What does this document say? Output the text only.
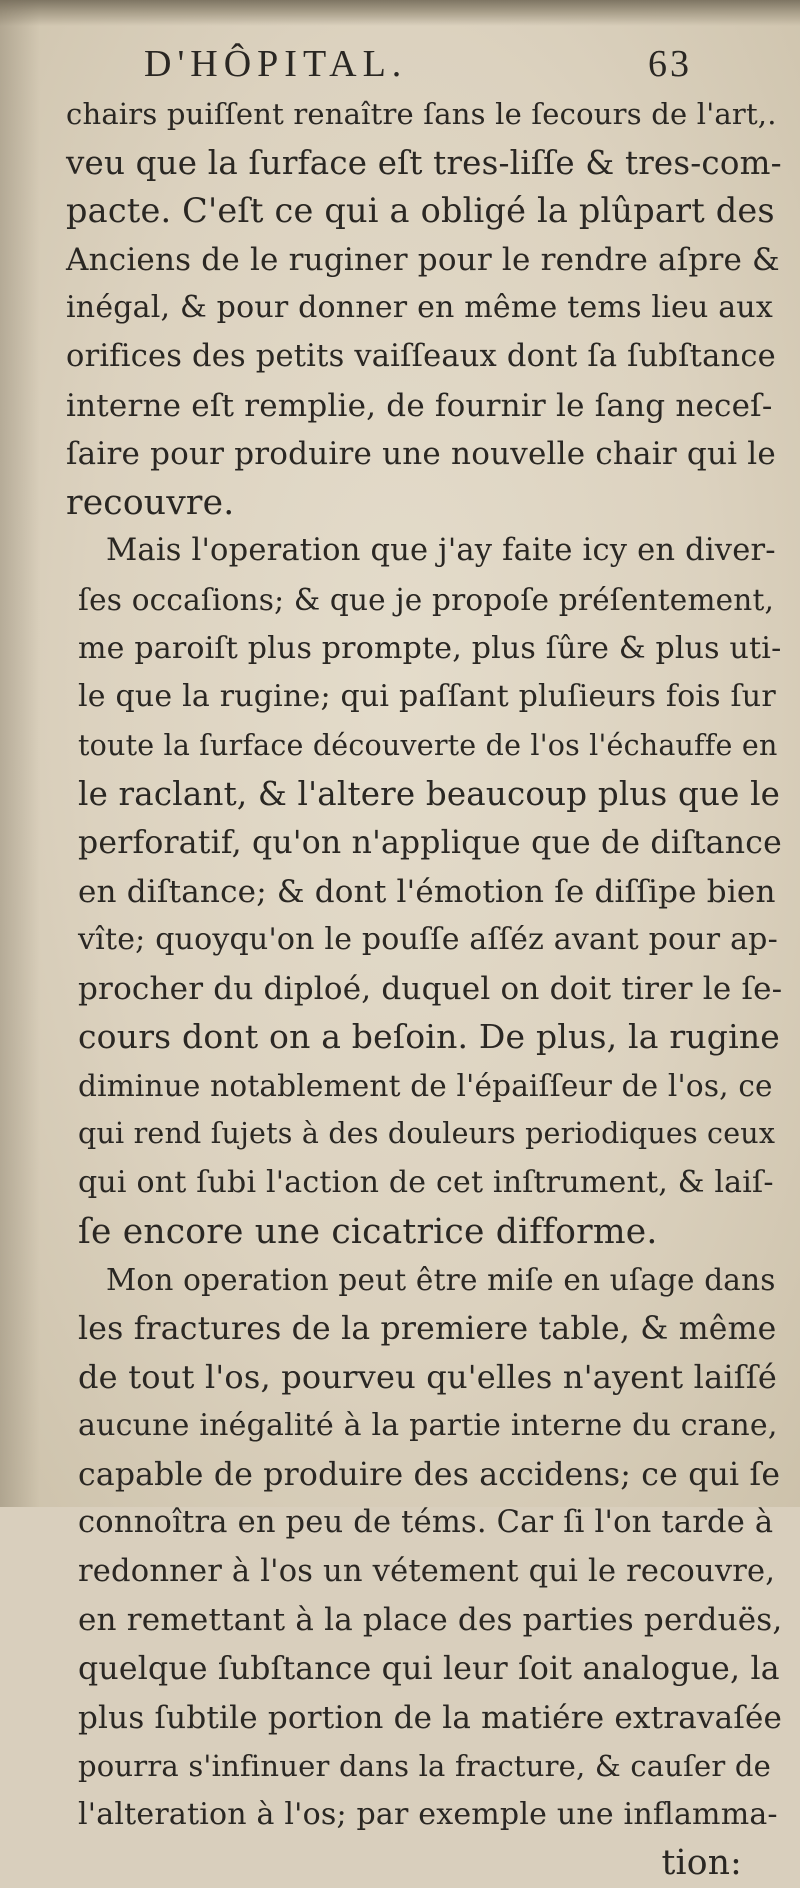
D'HÔPITAL.	63
chairs puiſſent renaître ſans le ſecours de l'art,.
veu que la ſurface eſt tres-liſſe & tres-com-
pacte. C'eſt ce qui a obligé la plûpart des
Anciens de le ruginer pour le rendre aſpre &
inégal, & pour donner en même tems lieu aux
orifices des petits vaiſſeaux dont ſa ſubſtance
interne eſt remplie, de fournir le ſang neceſ-
ſaire pour produire une nouvelle chair qui le
recouvre.
Mais l'operation que j'ay faite icy en diver-
ſes occaſions; & que je propoſe préſentement,
me paroiſt plus prompte, plus ſûre & plus uti-
le que la rugine; qui paſſant pluſieurs fois ſur
toute la ſurface découverte de l'os l'échauffe en
le raclant, & l'altere beaucoup plus que le
perforatif, qu'on n'applique que de diſtance
en diſtance; & dont l'émotion ſe diſſipe bien
vîte; quoyqu'on le pouſſe aſſéz avant pour ap-
procher du diploé, duquel on doit tirer le ſe-
cours dont on a beſoin. De plus, la rugine
diminue notablement de l'épaiſſeur de l'os, ce
qui rend ſujets à des douleurs periodiques ceux
qui ont ſubi l'action de cet inſtrument, & laiſ-
ſe encore une cicatrice difforme.
Mon operation peut être miſe en uſage dans
les fractures de la premiere table, & même
de tout l'os, pourveu qu'elles n'ayent laiſſé
aucune inégalité à la partie interne du crane,
capable de produire des accidens; ce qui ſe
connoîtra en peu de téms. Car ſi l'on tarde à
redonner à l'os un vétement qui le recouvre,
en remettant à la place des parties perduës,
quelque ſubſtance qui leur ſoit analogue, la
plus ſubtile portion de la matiére extravaſée
pourra s'infinuer dans la fracture, & cauſer de
l'alteration à l'os; par exemple une inflamma-
tion:
